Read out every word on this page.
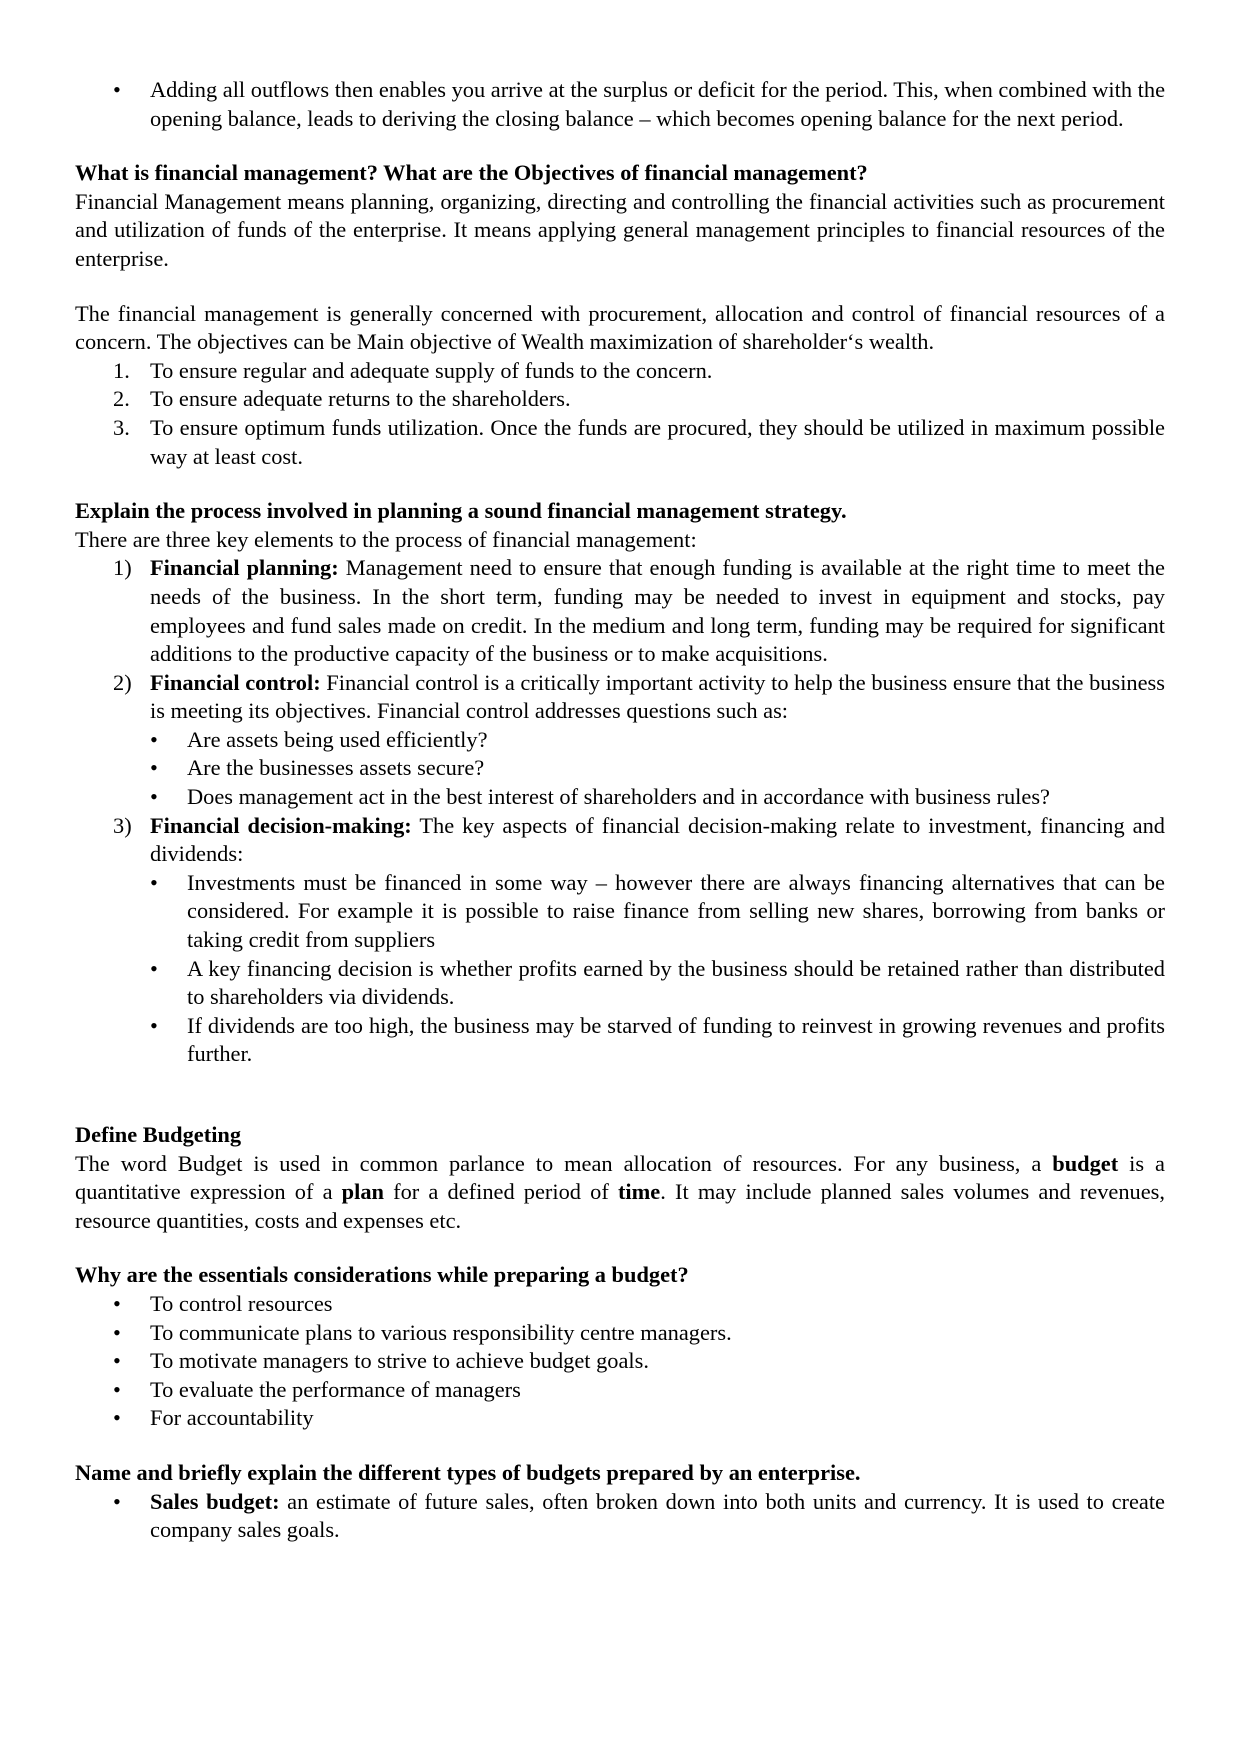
•
Adding all outflows then enables you arrive at the surplus or deficit for the period. This, when combined with the opening balance, leads to deriving the closing balance – which becomes opening balance for the next period.

What is financial management? What are the Objectives of financial management?

Financial Management means planning, organizing, directing and controlling the financial activities such as procurement and utilization of funds of the enterprise. It means applying general management principles to financial resources of the enterprise.

The financial management is generally concerned with procurement, allocation and control of financial resources of a concern. The objectives can be Main objective of Wealth maximization of shareholder‘s wealth.

1. To ensure regular and adequate supply of funds to the concern.
2. To ensure adequate returns to the shareholders.
3. To ensure optimum funds utilization. Once the funds are procured, they should be utilized in maximum possible way at least cost.

Explain the process involved in planning a sound financial management strategy.

There are three key elements to the process of financial management:

1) Financial planning: Management need to ensure that enough funding is available at the right time to meet the needs of the business. In the short term, funding may be needed to invest in equipment and stocks, pay employees and fund sales made on credit. In the medium and long term, funding may be required for significant additions to the productive capacity of the business or to make acquisitions.
2) Financial control: Financial control is a critically important activity to help the business ensure that the business is meeting its objectives. Financial control addresses questions such as:
•
Are assets being used efficiently?
•
Are the businesses assets secure?
•
Does management act in the best interest of shareholders and in accordance with business rules?
3) Financial decision-making: The key aspects of financial decision-making relate to investment, financing and dividends:
•
Investments must be financed in some way – however there are always financing alternatives that can be considered. For example it is possible to raise finance from selling new shares, borrowing from banks or taking credit from suppliers
•
A key financing decision is whether profits earned by the business should be retained rather than distributed to shareholders via dividends.
•
If dividends are too high, the business may be starved of funding to reinvest in growing revenues and profits further.

Define Budgeting

The word Budget is used in common parlance to mean allocation of resources. For any business, a budget is a quantitative expression of a plan for a defined period of time. It may include planned sales volumes and revenues, resource quantities, costs and expenses etc.

Why are the essentials considerations while preparing a budget?

•
To control resources
•
To communicate plans to various responsibility centre managers.
•
To motivate managers to strive to achieve budget goals.
•
To evaluate the performance of managers
•
For accountability

Name and briefly explain the different types of budgets prepared by an enterprise.

•
Sales budget: an estimate of future sales, often broken down into both units and currency. It is used to create company sales goals.
